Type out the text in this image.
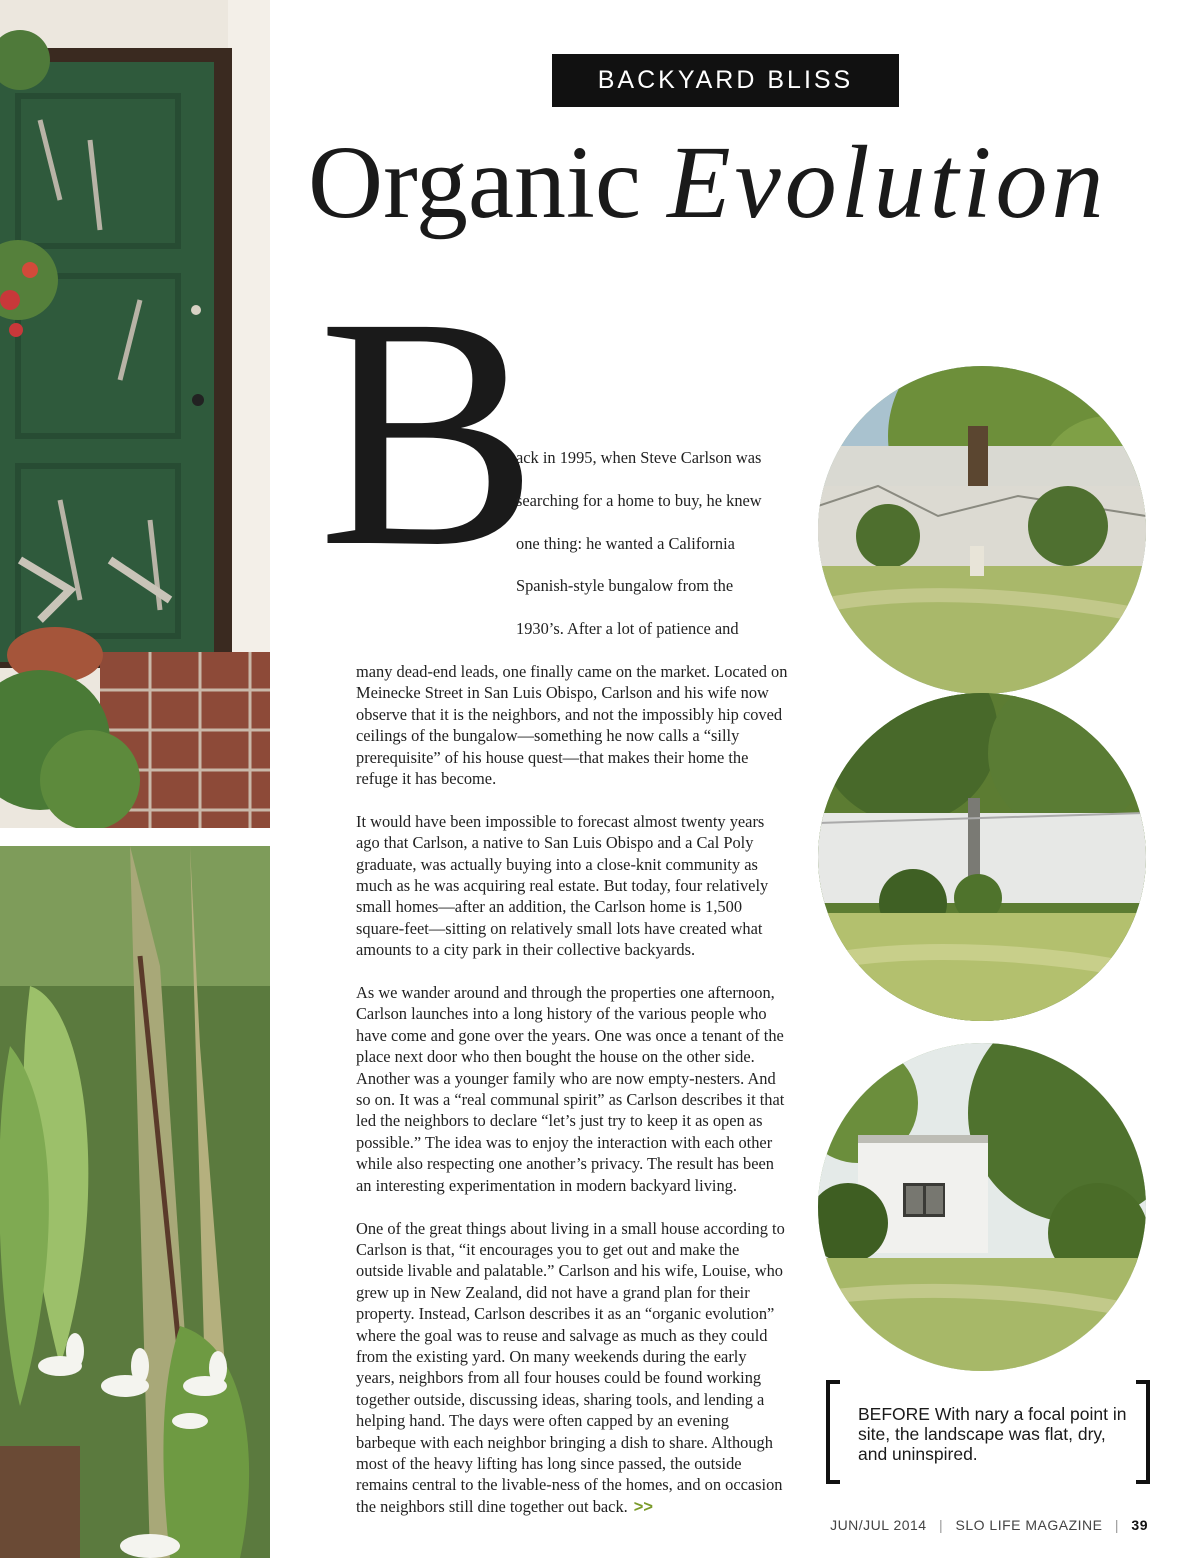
BACKYARD BLISS
Organic Evolution
B

ack in 1995, when Steve Carlson was

searching for a home to buy, he knew

one thing: he wanted a California

Spanish-style bungalow from the

1930’s. After a lot of patience and

many dead-end leads, one finally came on the market. Located on Meinecke Street in San Luis Obispo, Carlson and his wife now observe that it is the neighbors, and not the impossibly hip coved ceilings of the bungalow—something he now calls a “silly prerequisite” of his house quest—that makes their home the refuge it has become.

It would have been impossible to forecast almost twenty years ago that Carlson, a native to San Luis Obispo and a Cal Poly graduate, was actually buying into a close-knit community as much as he was acquiring real estate. But today, four relatively small homes—after an addition, the Carlson home is 1,500 square-feet—sitting on relatively small lots have created what amounts to a city park in their collective backyards.

As we wander around and through the properties one afternoon, Carlson launches into a long history of the various people who have come and gone over the years. One was once a tenant of the place next door who then bought the house on the other side. Another was a younger family who are now empty-nesters. And so on. It was a “real communal spirit” as Carlson describes it that led the neighbors to declare “let’s just try to keep it as open as possible.” The idea was to enjoy the interaction with each other while also respecting one another’s privacy. The result has been an interesting experimentation in modern backyard living.

One of the great things about living in a small house according to Carlson is that, “it encourages you to get out and make the outside livable and palatable.” Carlson and his wife, Louise, who grew up in New Zealand, did not have a grand plan for their property. Instead, Carlson describes it as an “organic evolution” where the goal was to reuse and salvage as much as they could from the existing yard. On many weekends during the early years, neighbors from all four houses could be found working together outside, discussing ideas, sharing tools, and lending a helping hand. The days were often capped by an evening barbeque with each neighbor bringing a dish to share. Although most of the heavy lifting has long since passed, the outside remains central to the livable-ness of the homes, and on occasion the neighbors still dine together out back. >>

BEFORE With nary a focal point in site, the landscape was flat, dry, and uninspired.
JUN/JUL 2014 | SLO LIFE MAGAZINE | 39
